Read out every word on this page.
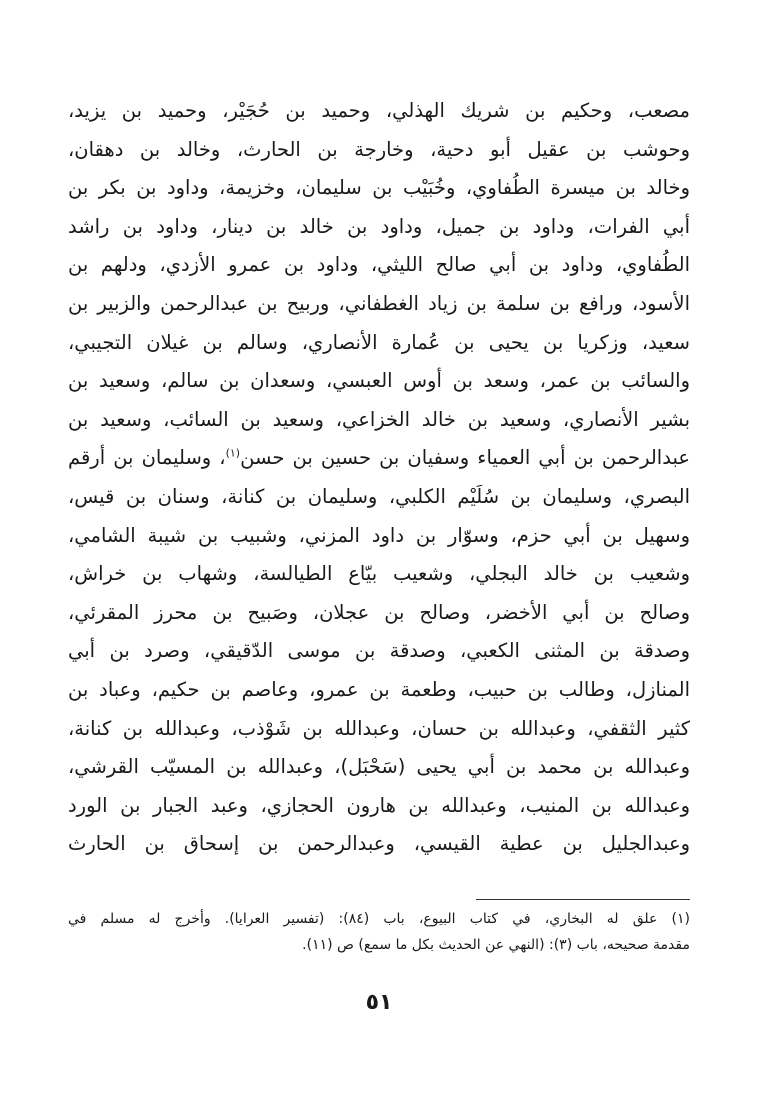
مصعب، وحكيم بن شريك الهذلي، وحميد بن حُجَيْر، وحميد بن يزيد،
وحوشب بن عقيل أبو دحية، وخارجة بن الحارث، وخالد بن دهقان،
وخالد بن ميسرة الطُفاوي، وخُبَيْب بن سليمان، وخزيمة، وداود بن بكر بن
أبي الفرات، وداود بن جميل، وداود بن خالد بن دينار، وداود بن راشد
الطُفاوي، وداود بن أبي صالح الليثي، وداود بن عمرو الأزدي، ودلهم بن
الأسود، ورافع بن سلمة بن زياد الغطفاني، وربيح بن عبدالرحمن والزبير بن
سعيد، وزكريا بن يحيى بن عُمارة الأنصاري، وسالم بن غيلان التجيبي،
والسائب بن عمر، وسعد بن أوس العبسي، وسعدان بن سالم، وسعيد بن
بشير الأنصاري، وسعيد بن خالد الخزاعي، وسعيد بن السائب، وسعيد بن
عبدالرحمن بن أبي العمياء وسفيان بن حسين بن حسن$^{(١)}$، وسليمان بن أرقم
البصري، وسليمان بن سُلَيْم الكلبي، وسليمان بن كنانة، وسنان بن قيس،
وسهيل بن أبي حزم، وسوّار بن داود المزني، وشبيب بن شيبة الشامي،
وشعيب بن خالد البجلي، وشعيب بيّاع الطيالسة، وشهاب بن خراش،
وصالح بن أبي الأخضر، وصالح بن عجلان، وصَبيح بن محرز المقرئي،
وصدقة بن المثنى الكعبي، وصدقة بن موسى الدّقيقي، وصرد بن أبي
المنازل، وطالب بن حبيب، وطعمة بن عمرو، وعاصم بن حكيم، وعباد بن
كثير الثقفي، وعبدالله بن حسان، وعبدالله بن شَوْذب، وعبدالله بن كنانة،
وعبدالله بن محمد بن أبي يحيى (سَحْبَل)، وعبدالله بن المسيّب القرشي،
وعبدالله بن المنيب، وعبدالله بن هارون الحجازي، وعبد الجبار بن الورد
وعبدالجليل بن عطية القيسي، وعبدالرحمن بن إسحاق بن الحارث
(١) علق له البخاري، في كتاب البيوع، باب (٨٤): (تفسير العرايا). وأخرج له مسلم في
مقدمة صحيحه، باب (٣): (النهي عن الحديث بكل ما سمع) ص (١١).
٥١
